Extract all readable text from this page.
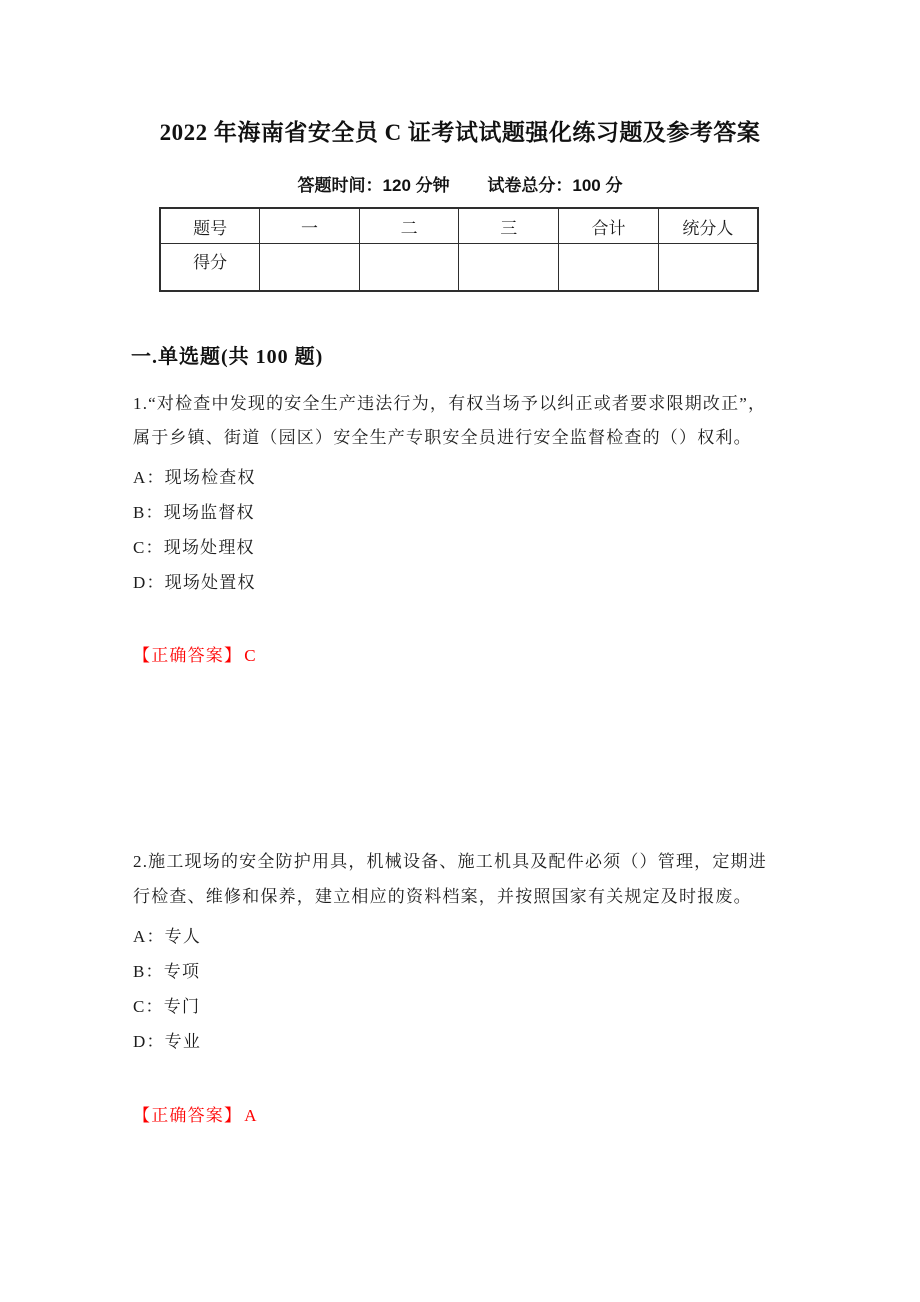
2022 年海南省安全员 C 证考试试题强化练习题及参考答案
答题时间：120 分钟 试卷总分：100 分
题号	一	二	三	合计	统分人
得分					
一.单选题(共 100 题)

1.“对检查中发现的安全生产违法行为，有权当场予以纠正或者要求限期改正”，

属于乡镇、街道（园区）安全生产专职安全员进行安全监督检查的（）权利。

A：现场检查权

B：现场监督权

C：现场处理权

D：现场处置权

【正确答案】 C

2.施工现场的安全防护用具，机械设备、施工机具及配件必须（）管理，定期进

行检查、维修和保养，建立相应的资料档案，并按照国家有关规定及时报废。

A：专人

B：专项

C：专门

D：专业

【正确答案】 A
